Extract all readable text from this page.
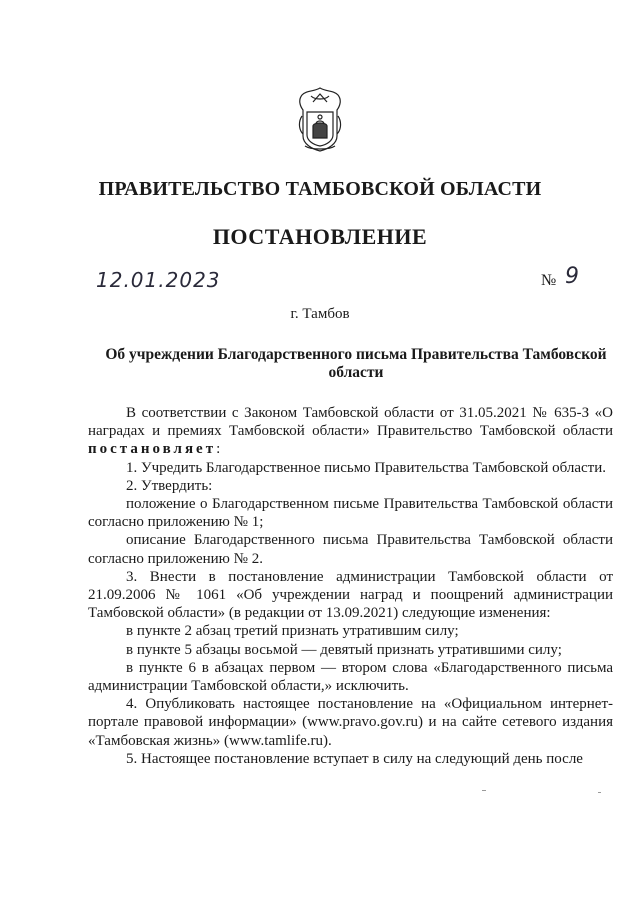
ПРАВИТЕЛЬСТВО ТАМБОВСКОЙ ОБЛАСТИ
ПОСТАНОВЛЕНИЕ
12.01.2023	№ 9
г. Тамбов
Об учреждении Благодарственного письма Правительства Тамбовской области

В соответствии с Законом Тамбовской области от 31.05.2021 № 635-З «О наградах и премиях Тамбовской области» Правительство Тамбовской области постановляет:

1. Учредить Благодарственное письмо Правительства Тамбовской области.

2. Утвердить:

положение о Благодарственном письме Правительства Тамбовской области согласно приложению № 1;

описание Благодарственного письма Правительства Тамбовской области согласно приложению № 2.

3. Внести в постановление администрации Тамбовской области от 21.09.2006 № 1061 «Об учреждении наград и поощрений администрации Тамбовской области» (в редакции от 13.09.2021) следующие изменения:

в пункте 2 абзац третий признать утратившим силу;

в пункте 5 абзацы восьмой — девятый признать утратившими силу;

в пункте 6 в абзацах первом — втором слова «Благодарственного письма администрации Тамбовской области,» исключить.

4. Опубликовать настоящее постановление на «Официальном интернет-портале правовой информации» (www.pravo.gov.ru) и на сайте сетевого издания «Тамбовская жизнь» (www.tamlife.ru).

5. Настоящее постановление вступает в силу на следующий день после
